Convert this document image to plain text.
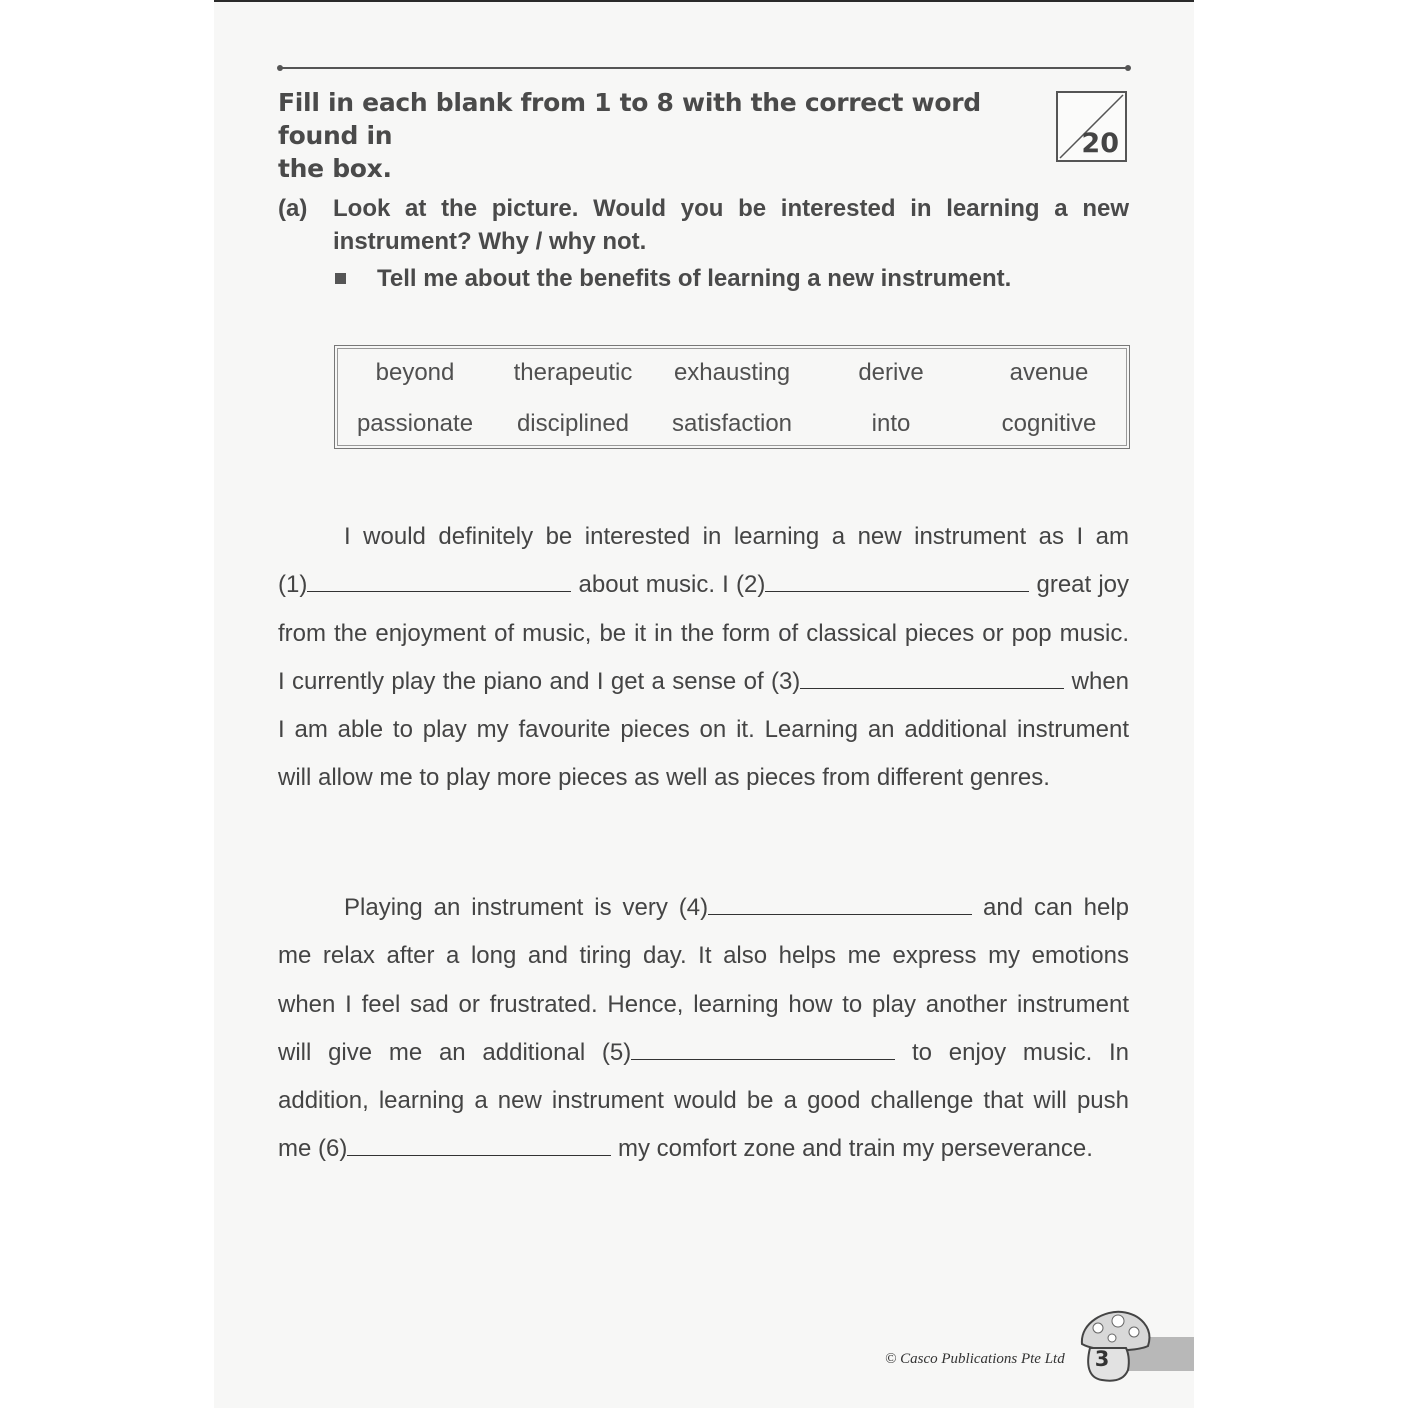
Fill in each blank from 1 to 8 with the correct word found in
the box.
20
(a) Look at the picture. Would you be interested in learning a new instrument? Why / why not.
Tell me about the benefits of learning a new instrument.
beyond	therapeutic	exhausting	derive	avenue
passionate	disciplined	satisfaction	into	cognitive
I would definitely be interested in learning a new instrument as I am
(1)	about music. I (2)	great joy
from the enjoyment of music, be it in the form of classical pieces or pop music.
I currently play the piano and I get a sense of (3)	when
I am able to play my favourite pieces on it. Learning an additional instrument
will allow me to play more pieces as well as pieces from different genres.
Playing an instrument is very (4)	and can help
me relax after a long and tiring day. It also helps me express my emotions
when I feel sad or frustrated. Hence, learning how to play another instrument
will give me an additional (5)	to enjoy music. In
addition, learning a new instrument would be a good challenge that will push
me (6)	my comfort zone and train my perseverance.
© Casco Publications Pte Ltd	3
